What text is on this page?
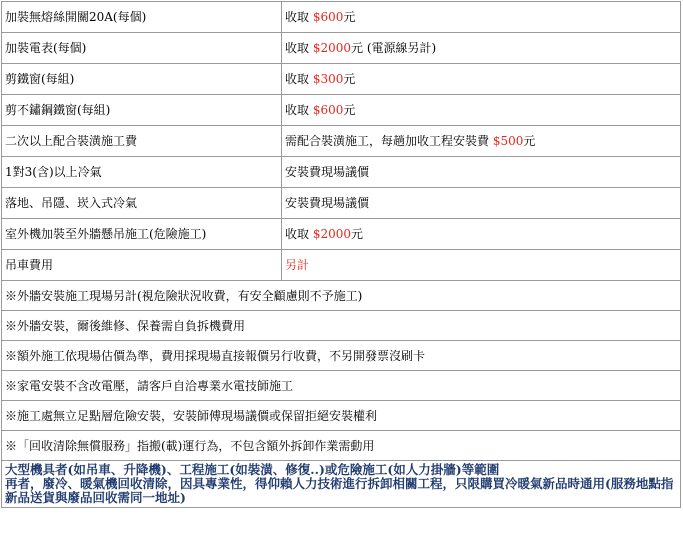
加裝無熔絲開關20A(每個)	收取 $600元
加裝電表(每個)	收取 $2000元 (電源線另計)
剪鐵窗(每組)	收取 $300元
剪不鏽鋼鐵窗(每組)	收取 $600元
二次以上配合裝潢施工費	需配合裝潢施工，每趟加收工程安裝費 $500元
1對3(含)以上冷氣	安裝費現場議價
落地、吊隱、崁入式冷氣	安裝費現場議價
室外機加裝至外牆懸吊施工(危險施工)	收取 $2000元
吊車費用	另計
※外牆安裝施工現場另計(視危險狀況收費，有安全顧慮則不予施工)	
※外牆安裝，爾後維修、保養需自負拆機費用	
※額外施工依現場估價為準，費用採現場直接報價另行收費，不另開發票沒刷卡	
※家電安裝不含改電壓，請客戶自洽專業水電技師施工	
※施工處無立足點層危險安裝，安裝師傅現場議價或保留拒絕安裝權利	
※「回收清除無償服務」指搬(載)運行為，不包含額外拆卸作業需動用	

大型機具者(如吊車、升降機)、工程施工(如裝潢、修復..)或危險施工(如人力掛牆)等範圍
再者，廢冷、暖氣機回收清除，因具專業性，得仰賴人力技術進行拆卸相關工程，只限購買冷暖氣新品時通用(服務地點指新品送貨與廢品回收需同一地址)	
